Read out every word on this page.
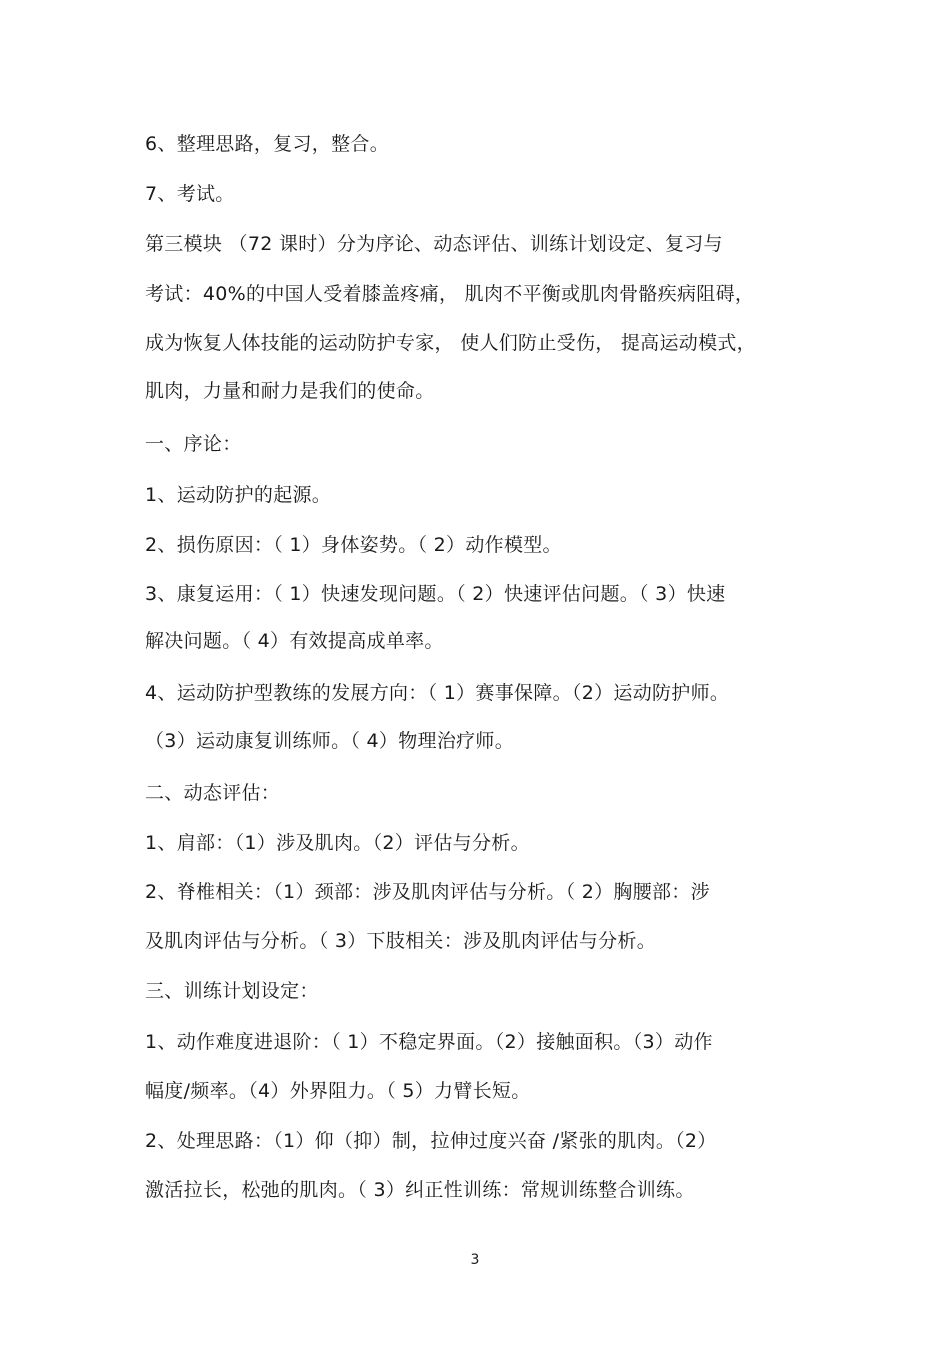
6、整理思路，复习，整合。
7、考试。
第三模块 （72 课时）分为序论、动态评估、训练计划设定、复习与
考试：40%的中国人受着膝盖疼痛， 肌肉不平衡或肌肉骨骼疾病阻碍，
成为恢复人体技能的运动防护专家， 使人们防止受伤， 提高运动模式，
肌肉，力量和耐力是我们的使命。
一、序论：
1、运动防护的起源。
2、损伤原因：（ 1）身体姿势。（ 2）动作模型。
3、康复运用：（ 1）快速发现问题。（ 2）快速评估问题。（ 3）快速
解决问题。（ 4）有效提高成单率。
4、运动防护型教练的发展方向：（ 1）赛事保障。（2）运动防护师。
（3）运动康复训练师。（ 4）物理治疗师。
二、动态评估：
1、肩部：（1）涉及肌肉。（2）评估与分析。
2、脊椎相关：（1）颈部：涉及肌肉评估与分析。（ 2）胸腰部：涉
及肌肉评估与分析。（ 3）下肢相关：涉及肌肉评估与分析。
三、训练计划设定：
1、动作难度进退阶：（ 1）不稳定界面。（2）接触面积。（3）动作
幅度/频率。（4）外界阻力。（ 5）力臂长短。
2、处理思路：（1）仰（抑）制，拉伸过度兴奋 /紧张的肌肉。（2）
激活拉长，松弛的肌肉。（ 3）纠正性训练：常规训练整合训练。
3
